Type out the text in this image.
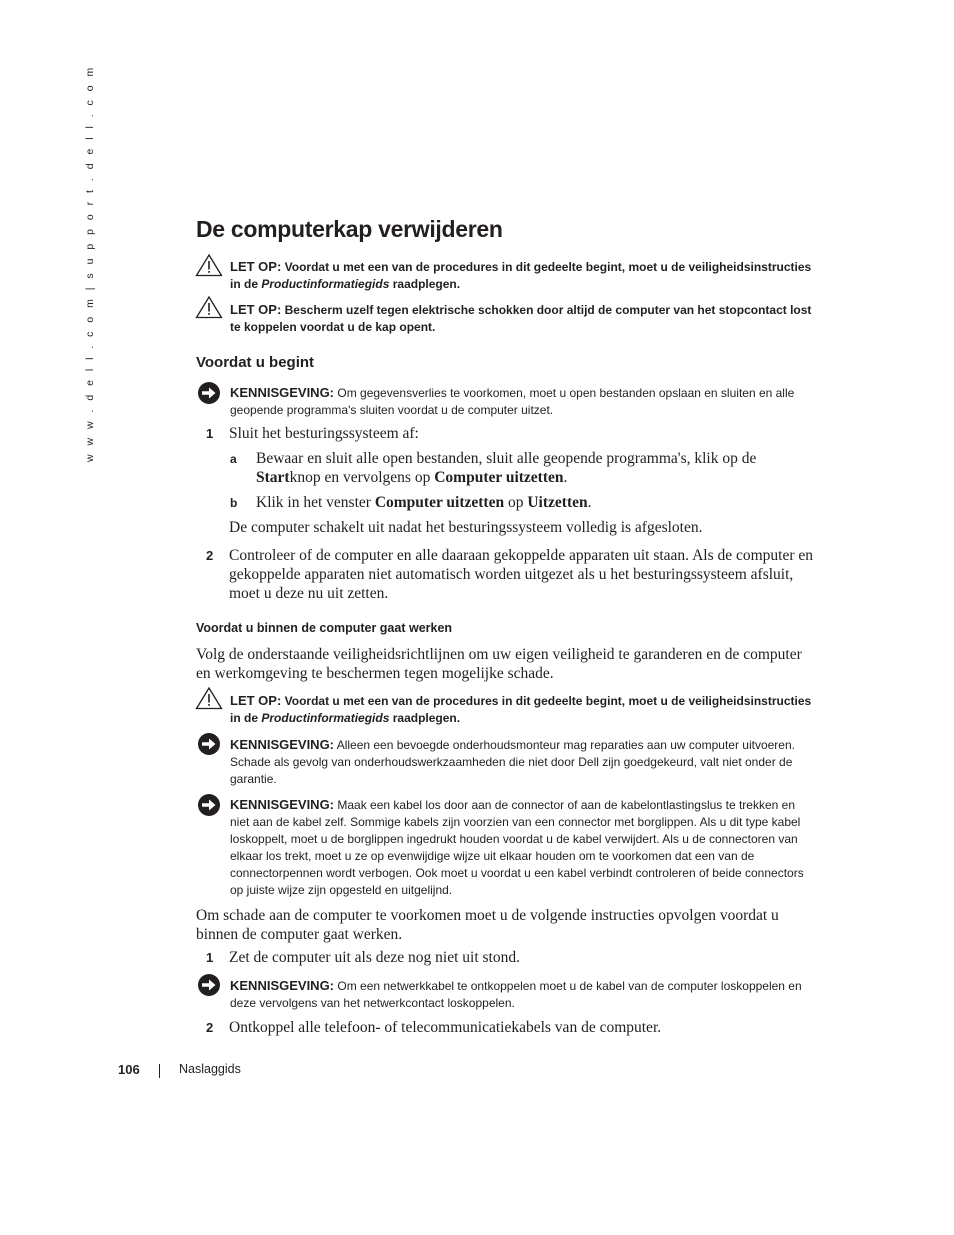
w w w . d e l l . c o m | s u p p o r t . d e l l . c o m	De computerkap verwijderen
LET OP: Voordat u met een van de procedures in dit gedeelte begint, moet u de veiligheidsinstructies in de Productinformatiegids raadplegen.
LET OP: Bescherm uzelf tegen elektrische schokken door altijd de computer van het stopcontact lost te koppelen voordat u de kap opent.
Voordat u begint
KENNISGEVING: Om gegevensverlies te voorkomen, moet u open bestanden opslaan en sluiten en alle geopende programma's sluiten voordat u de computer uitzet.
1 Sluit het besturingssysteem af:
a Bewaar en sluit alle open bestanden, sluit alle geopende programma's, klik op de Startknop en vervolgens op Computer uitzetten.
b Klik in het venster Computer uitzetten op Uitzetten.
De computer schakelt uit nadat het besturingssysteem volledig is afgesloten.
2 Controleer of de computer en alle daaraan gekoppelde apparaten uit staan. Als de computer en gekoppelde apparaten niet automatisch worden uitgezet als u het besturingssysteem afsluit, moet u deze nu uit zetten.
Voordat u binnen de computer gaat werken
Volg de onderstaande veiligheidsrichtlijnen om uw eigen veiligheid te garanderen en de computer en werkomgeving te beschermen tegen mogelijke schade.
LET OP: Voordat u met een van de procedures in dit gedeelte begint, moet u de veiligheidsinstructies in de Productinformatiegids raadplegen.
KENNISGEVING: Alleen een bevoegde onderhoudsmonteur mag reparaties aan uw computer uitvoeren. Schade als gevolg van onderhoudswerkzaamheden die niet door Dell zijn goedgekeurd, valt niet onder de garantie.
KENNISGEVING: Maak een kabel los door aan de connector of aan de kabelontlastingslus te trekken en niet aan de kabel zelf. Sommige kabels zijn voorzien van een connector met borglippen. Als u dit type kabel loskoppelt, moet u de borglippen ingedrukt houden voordat u de kabel verwijdert. Als u de connectoren van elkaar los trekt, moet u ze op evenwijdige wijze uit elkaar houden om te voorkomen dat een van de connectorpennen wordt verbogen. Ook moet u voordat u een kabel verbindt controleren of beide connectors op juiste wijze zijn opgesteld en uitgelijnd.
Om schade aan de computer te voorkomen moet u de volgende instructies opvolgen voordat u binnen de computer gaat werken.
1 Zet de computer uit als deze nog niet uit stond.
KENNISGEVING: Om een netwerkkabel te ontkoppelen moet u de kabel van de computer loskoppelen en deze vervolgens van het netwerkcontact loskoppelen.
2 Ontkoppel alle telefoon- of telecommunicatiekabels van de computer.
106	Naslaggids
